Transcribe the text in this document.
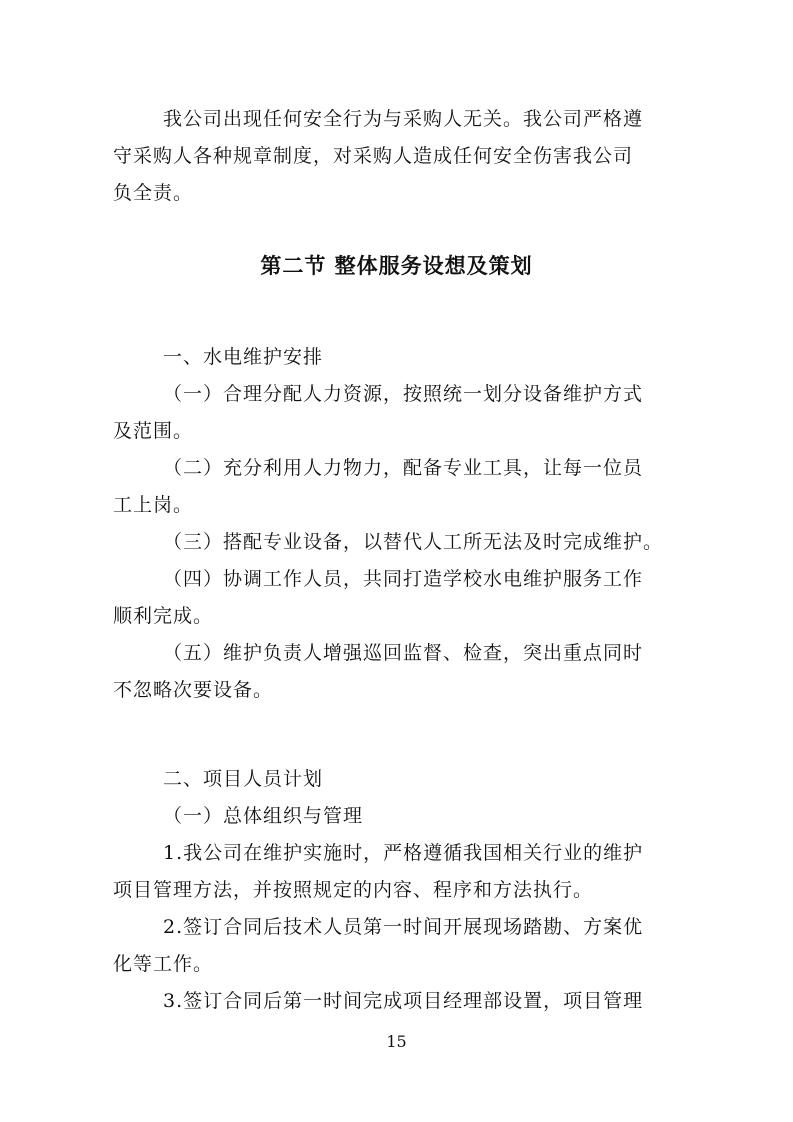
我公司出现任何安全行为与采购人无关。我公司严格遵
守采购人各种规章制度，对采购人造成任何安全伤害我公司
负全责。
第二节 整体服务设想及策划
一、水电维护安排
（一）合理分配人力资源，按照统一划分设备维护方式
及范围。
（二）充分利用人力物力，配备专业工具，让每一位员
工上岗。
（三）搭配专业设备，以替代人工所无法及时完成维护。
（四）协调工作人员，共同打造学校水电维护服务工作
顺利完成。
（五）维护负责人增强巡回监督、检查，突出重点同时
不忽略次要设备。
二、项目人员计划
（一）总体组织与管理
1.我公司在维护实施时，严格遵循我国相关行业的维护
项目管理方法，并按照规定的内容、程序和方法执行。
2.签订合同后技术人员第一时间开展现场踏勘、方案优
化等工作。
3.签订合同后第一时间完成项目经理部设置，项目管理
15
